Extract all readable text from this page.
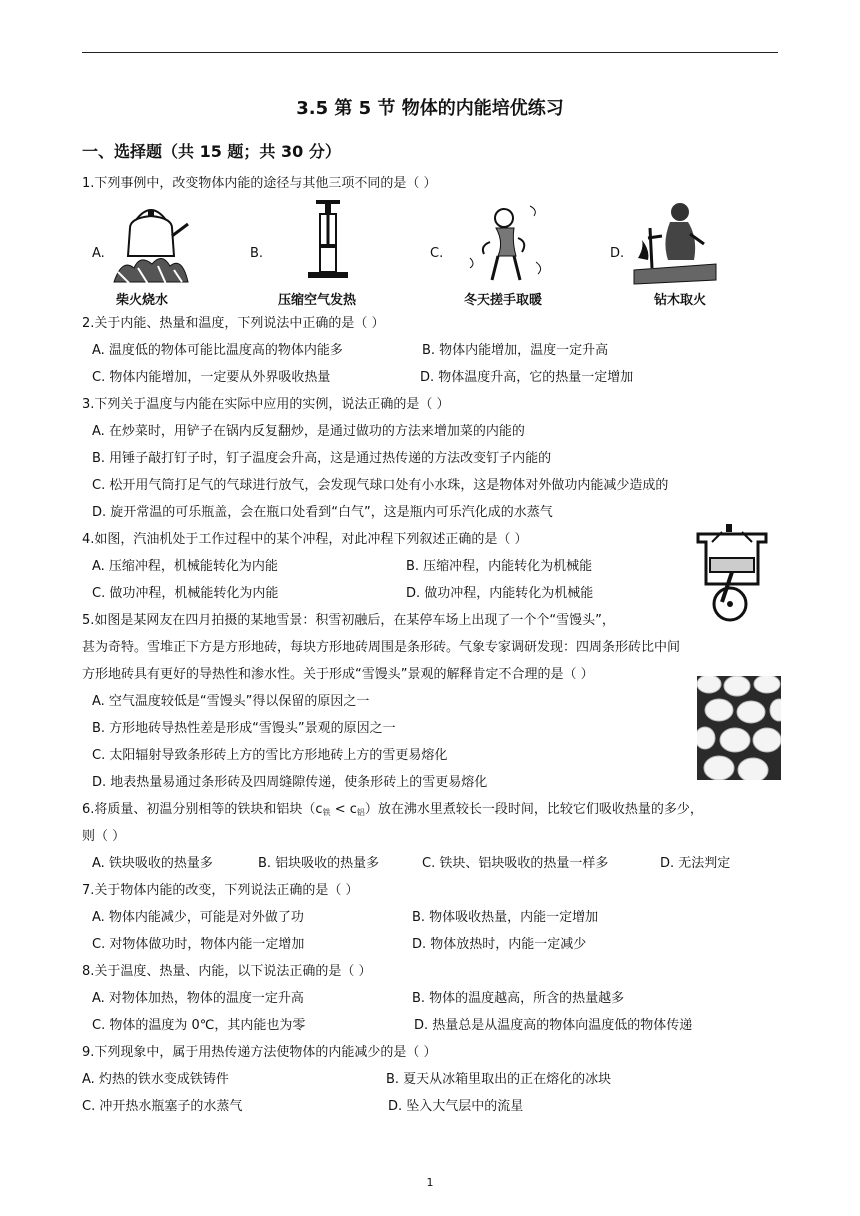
3.5 第 5 节 物体的内能培优练习
一、选择题（共 15 题；共 30 分）
1.下列事例中，改变物体内能的途径与其他三项不同的是（ ）
A.
柴火烧水
B.
压缩空气发热
C.
冬天搓手取暖
D.
钻木取火
2.关于内能、热量和温度，下列说法中正确的是（ ）
A. 温度低的物体可能比温度高的物体内能多	B. 物体内能增加，温度一定升高
C. 物体内能增加，一定要从外界吸收热量	D. 物体温度升高，它的热量一定增加
3.下列关于温度与内能在实际中应用的实例，说法正确的是（ ）
A. 在炒菜时，用铲子在锅内反复翻炒，是通过做功的方法来增加菜的内能的
B. 用锤子敲打钉子时，钉子温度会升高，这是通过热传递的方法改变钉子内能的
C. 松开用气筒打足气的气球进行放气，会发现气球口处有小水珠，这是物体对外做功内能减少造成的
D. 旋开常温的可乐瓶盖，会在瓶口处看到“白气”，这是瓶内可乐汽化成的水蒸气
4.如图，汽油机处于工作过程中的某个冲程，对此冲程下列叙述正确的是（ ）
A. 压缩冲程，机械能转化为内能	B. 压缩冲程，内能转化为机械能
C. 做功冲程，机械能转化为内能	D. 做功冲程，内能转化为机械能
5.如图是某网友在四月拍摄的某地雪景：积雪初融后，在某停车场上出现了一个个“雪馒头”，
甚为奇特。雪堆正下方是方形地砖，每块方形地砖周围是条形砖。气象专家调研发现：四周条形砖比中间
方形地砖具有更好的导热性和渗水性。关于形成“雪馒头”景观的解释肯定不合理的是（ ）
A. 空气温度较低是“雪馒头”得以保留的原因之一
B. 方形地砖导热性差是形成“雪馒头”景观的原因之一
C. 太阳辐射导致条形砖上方的雪比方形地砖上方的雪更易熔化
D. 地表热量易通过条形砖及四周缝隙传递，使条形砖上的雪更易熔化
6.将质量、初温分别相等的铁块和铝块$(c_铁 < c_铝)$放在沸水里煮较长一段时间，比较它们吸收热量的多少，
则（ ）
A. 铁块吸收的热量多	B. 铝块吸收的热量多	C. 铁块、铝块吸收的热量一样多	D. 无法判定
7.关于物体内能的改变，下列说法正确的是（ ）
A. 物体内能减少，可能是对外做了功	B. 物体吸收热量，内能一定增加
C. 对物体做功时，物体内能一定增加	D. 物体放热时，内能一定减少
8.关于温度、热量、内能，以下说法正确的是（ ）
A. 对物体加热，物体的温度一定升高	B. 物体的温度越高，所含的热量越多
C. 物体的温度为 0℃，其内能也为零	D. 热量总是从温度高的物体向温度低的物体传递
9.下列现象中，属于用热传递方法使物体的内能减少的是（ ）
A. 灼热的铁水变成铁铸件	B. 夏天从冰箱里取出的正在熔化的冰块
C. 冲开热水瓶塞子的水蒸气	D. 坠入大气层中的流星
1
